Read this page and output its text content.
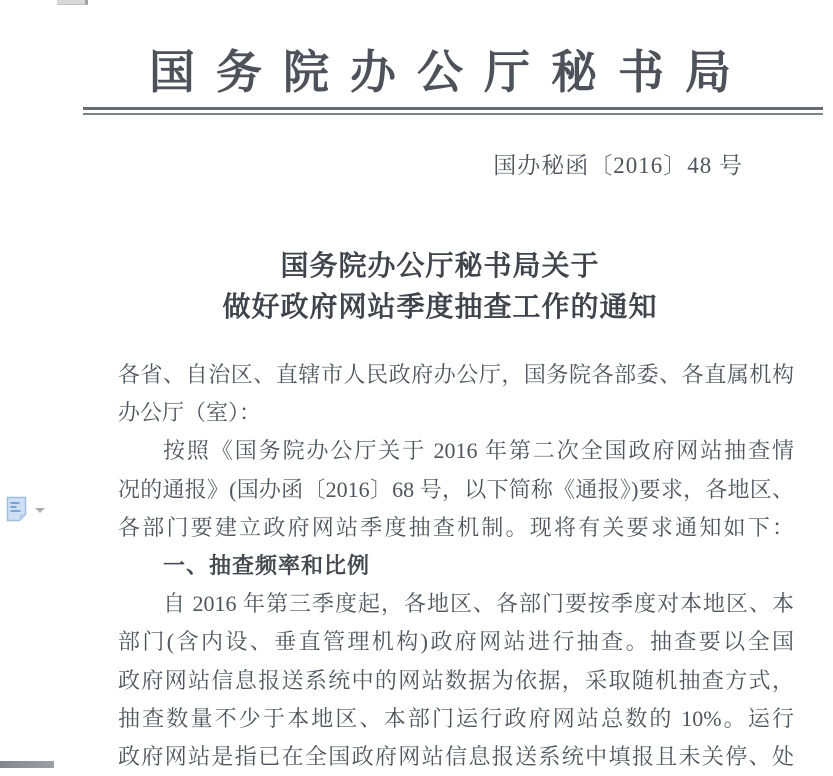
国务院办公厅秘书局
国办秘函〔2016〕48 号
国务院办公厅秘书局关于
做好政府网站季度抽查工作的通知
各省、自治区、直辖市人民政府办公厅，国务院各部委、各直属机构
办公厅（室）：
按照《国务院办公厅关于 2016 年第二次全国政府网站抽查情
况的通报》(国办函〔2016〕68 号，以下简称《通报》)要求，各地区、
各部门要建立政府网站季度抽查机制。现将有关要求通知如下：
一、抽查频率和比例
自 2016 年第三季度起，各地区、各部门要按季度对本地区、本
部门(含内设、垂直管理机构)政府网站进行抽查。抽查要以全国
政府网站信息报送系统中的网站数据为依据，采取随机抽查方式，
抽查数量不少于本地区、本部门运行政府网站总数的 10%。运行
政府网站是指已在全国政府网站信息报送系统中填报且未关停、处
